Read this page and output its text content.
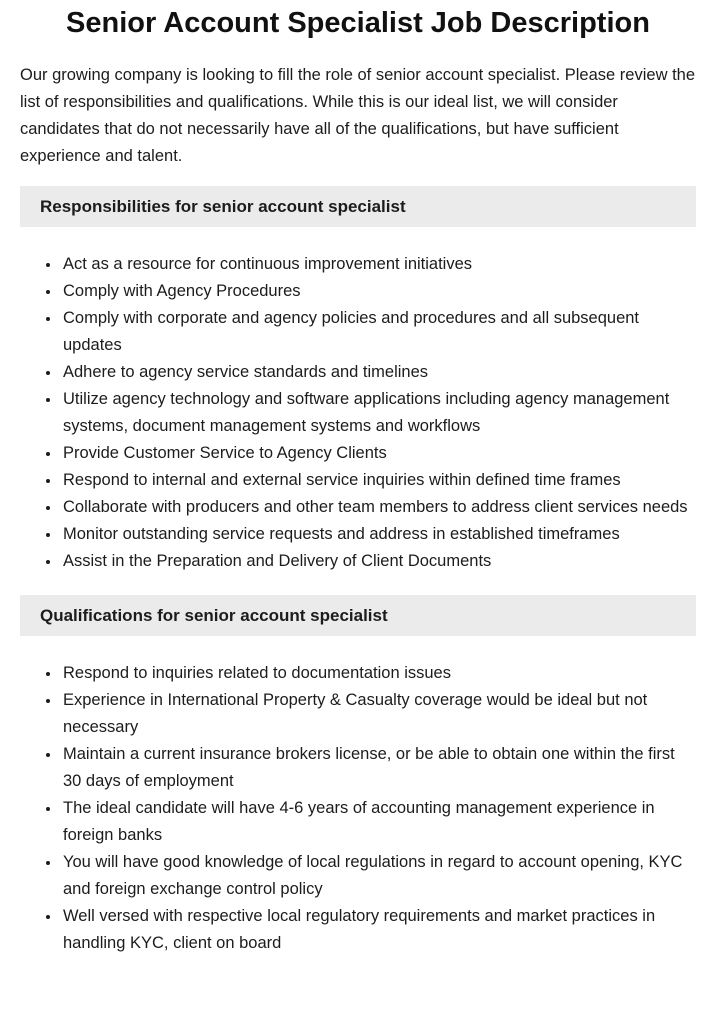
Senior Account Specialist Job Description

Our growing company is looking to fill the role of senior account specialist. Please review the list of responsibilities and qualifications. While this is our ideal list, we will consider candidates that do not necessarily have all of the qualifications, but have sufficient experience and talent.

Responsibilities for senior account specialist
• Act as a resource for continuous improvement initiatives
• Comply with Agency Procedures
• Comply with corporate and agency policies and procedures and all subsequent updates
• Adhere to agency service standards and timelines
• Utilize agency technology and software applications including agency management systems, document management systems and workflows
• Provide Customer Service to Agency Clients
• Respond to internal and external service inquiries within defined time frames
• Collaborate with producers and other team members to address client services needs
• Monitor outstanding service requests and address in established timeframes
• Assist in the Preparation and Delivery of Client Documents
Qualifications for senior account specialist
• Respond to inquiries related to documentation issues
• Experience in International Property & Casualty coverage would be ideal but not necessary
• Maintain a current insurance brokers license, or be able to obtain one within the first 30 days of employment
• The ideal candidate will have 4-6 years of accounting management experience in foreign banks
• You will have good knowledge of local regulations in regard to account opening, KYC and foreign exchange control policy
• Well versed with respective local regulatory requirements and market practices in handling KYC, client on board
